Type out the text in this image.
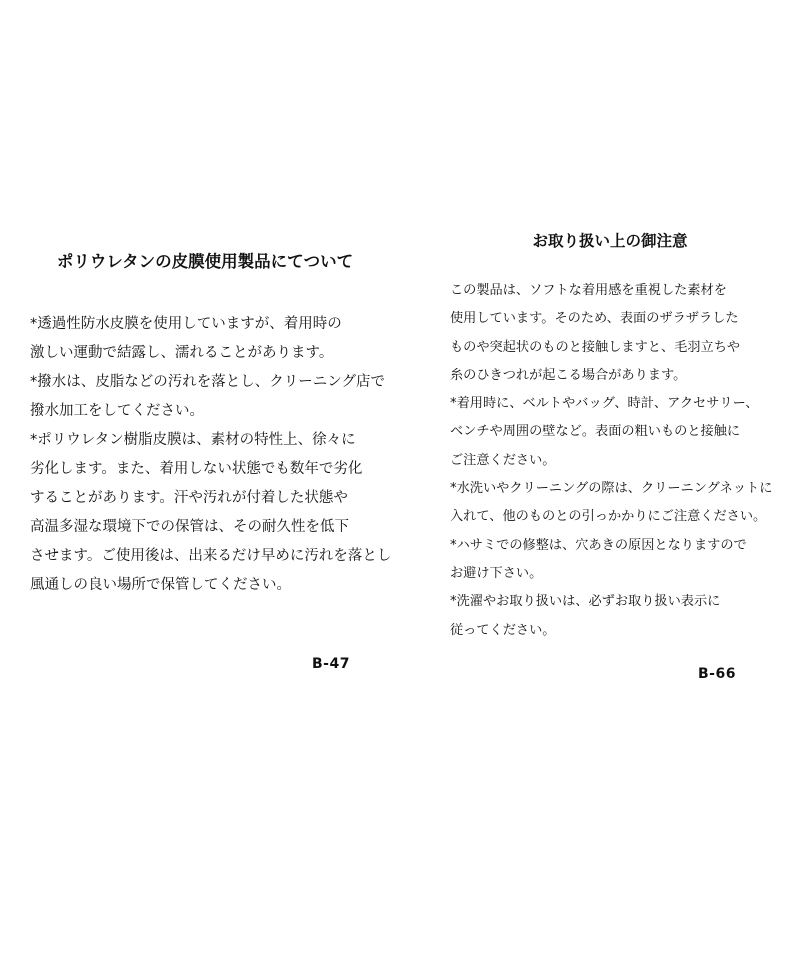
ポリウレタンの皮膜使用製品にてついて
*透過性防水皮膜を使用していますが、着用時の
激しい運動で結露し、濡れることがあります。
*撥水は、皮脂などの汚れを落とし、クリーニング店で
撥水加工をしてください。
*ポリウレタン樹脂皮膜は、素材の特性上、徐々に
劣化します。また、着用しない状態でも数年で劣化
することがあります。汗や汚れが付着した状態や
高温多湿な環境下での保管は、その耐久性を低下
させます。ご使用後は、出来るだけ早めに汚れを落とし
風通しの良い場所で保管してください。
B-47
お取り扱い上の御注意
この製品は、ソフトな着用感を重視した素材を
使用しています。そのため、表面のザラザラした
ものや突起状のものと接触しますと、毛羽立ちや
糸のひきつれが起こる場合があります。
*着用時に、ベルトやバッグ、時計、アクセサリー、
ベンチや周囲の壁など。表面の粗いものと接触に
ご注意ください。
*水洗いやクリーニングの際は、クリーニングネットに
入れて、他のものとの引っかかりにご注意ください。
*ハサミでの修整は、穴あきの原因となりますので
お避け下さい。
*洗濯やお取り扱いは、必ずお取り扱い表示に
従ってください。
B-66
